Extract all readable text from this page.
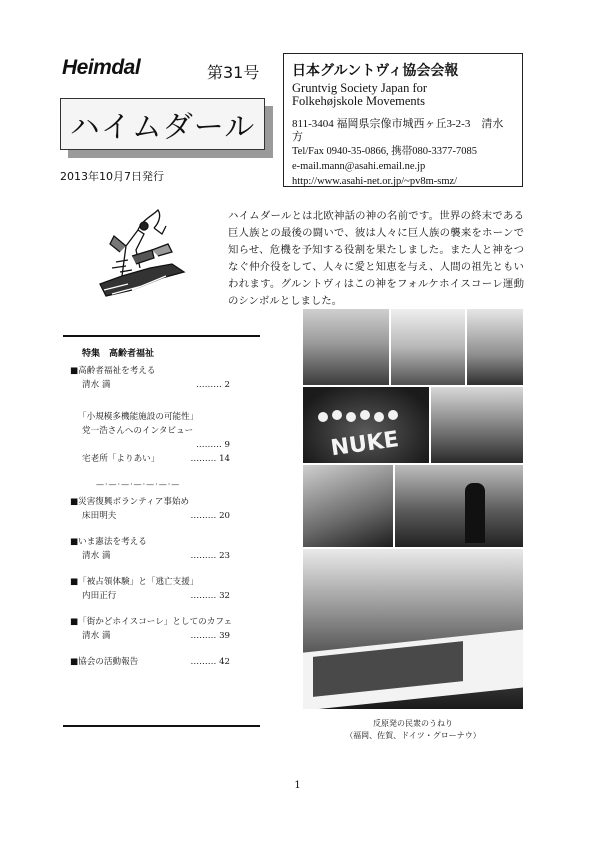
Heimdal	第31号
ハイムダール
2013年10月7日発行
日本グルントヴィ協会会報
Gruntvig Society Japan for
Folkehøjskole Movements
811-3404 福岡県宗像市城西ヶ丘3-2-3　清水方
Tel/Fax 0940-35-0866, 携帯080-3377-7085
e-mail.mann@asahi.email.ne.jp
http://www.asahi-net.or.jp/~pv8m-smz/
ハイムダールとは北欧神話の神の名前です。世界の終末である巨人族との最後の闘いで、彼は人々に巨人族の襲来をホーンで知らせ、危機を予知する役割を果たしました。また人と神をつなぐ仲介役をして、人々に愛と知恵を与え、人間の祖先ともいわれます。グルントヴィはこの神をフォルケホイスコーレ運動のシンボルとしました。
特集　高齢者福祉
■高齢者福祉を考える
清水 満	……… 2
「小規模多機能施設の可能性」
党一浩さんへのインタビュー
……… 9
宅老所「よりあい」	……… 14
—·—·—·—·—·—·—
■災害復興ボランティア事始め
床田明夫	……… 20
■いま憲法を考える
清水 満	……… 23
■「被占領体験」と「逃亡支援」
内田正行	……… 32
■「街かどホイスコーレ」としてのカフェ
清水 満	……… 39
■協会の活動報告	……… 42
NUKE
反原発の民衆のうねり
（福岡、佐賀、ドイツ・グローナウ）
1
